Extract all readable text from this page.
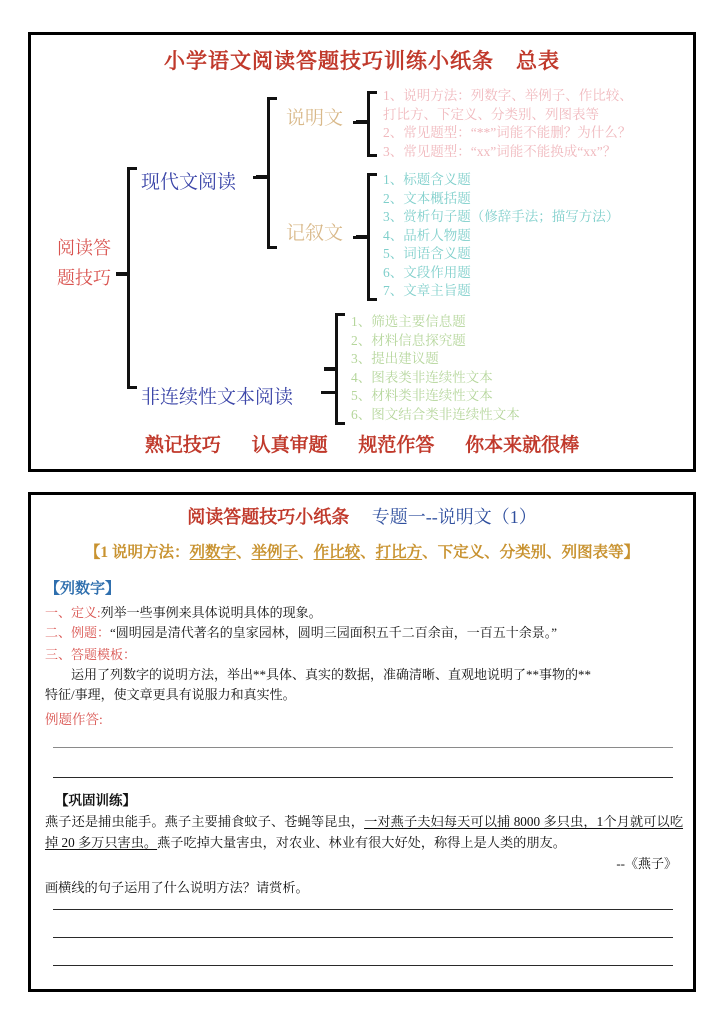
小学语文阅读答题技巧训练小纸条　总表
阅读答
题技巧
现代文阅读
非连续性文本阅读
说明文
记叙文
1、说明方法：列数字、举例子、作比较、
打比方、下定义、分类别、列图表等
2、常见题型：“**”词能不能删？为什么？
3、常见题型：“xx”词能不能换成“xx”？
1、标题含义题
2、文本概括题
3、赏析句子题（修辞手法；描写方法）
4、品析人物题
5、词语含义题
6、文段作用题
7、文章主旨题
1、筛选主要信息题
2、材料信息探究题
3、提出建议题
4、图表类非连续性文本
5、材料类非连续性文本
6、图文结合类非连续性文本
熟记技巧 认真审题 规范作答 你本来就很棒
阅读答题技巧小纸条 专题一--说明文（1）
【1 说明方法：列数字、举例子、作比较、打比方、下定义、分类别、列图表等】
【列数字】
一、定义:列举一些事例来具体说明具体的现象。
二、例题：“圆明园是清代著名的皇家园林，圆明三园面积五千二百余亩，一百五十余景。”
三、答题模板：
运用了列数字的说明方法，举出**具体、真实的数据，准确清晰、直观地说明了**事物的**
特征/事理，使文章更具有说服力和真实性。
例题作答:
【巩固训练】
燕子还是捕虫能手。燕子主要捕食蚊子、苍蝇等昆虫，一对燕子夫妇每天可以捕 8000 多只虫，1个月就可以吃掉 20 多万只害虫。燕子吃掉大量害虫，对农业、林业有很大好处，称得上是人类的朋友。
--《燕子》
画横线的句子运用了什么说明方法？请赏析。
